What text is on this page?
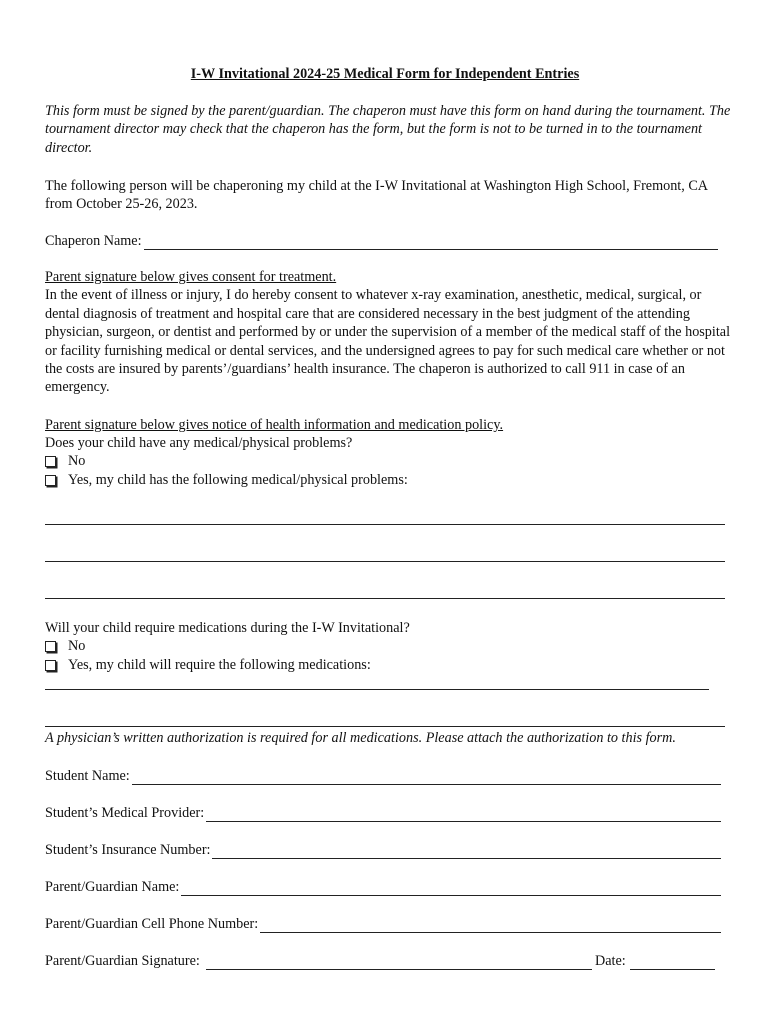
I-W Invitational 2024-25 Medical Form for Independent Entries
This form must be signed by the parent/guardian. The chaperon must have this form on hand during the tournament. The tournament director may check that the chaperon has the form, but the form is not to be turned in to the tournament director.
The following person will be chaperoning my child at the I-W Invitational at Washington High School, Fremont, CA from October 25-26, 2023.
Chaperon Name:
Parent signature below gives consent for treatment.
In the event of illness or injury, I do hereby consent to whatever x-ray examination, anesthetic, medical, surgical, or dental diagnosis of treatment and hospital care that are considered necessary in the best judgment of the attending physician, surgeon, or dentist and performed by or under the supervision of a member of the medical staff of the hospital or facility furnishing medical or dental services, and the undersigned agrees to pay for such medical care whether or not the costs are insured by parents’/guardians’ health insurance. The chaperon is authorized to call 911 in case of an emergency.
Parent signature below gives notice of health information and medication policy.
Does your child have any medical/physical problems?
No
Yes, my child has the following medical/physical problems:
Will your child require medications during the I-W Invitational?
No
Yes, my child will require the following medications:
A physician’s written authorization is required for all medications. Please attach the authorization to this form.
Student Name:
Student’s Medical Provider:
Student’s Insurance Number:
Parent/Guardian Name:
Parent/Guardian Cell Phone Number:
Parent/Guardian Signature:	Date:
